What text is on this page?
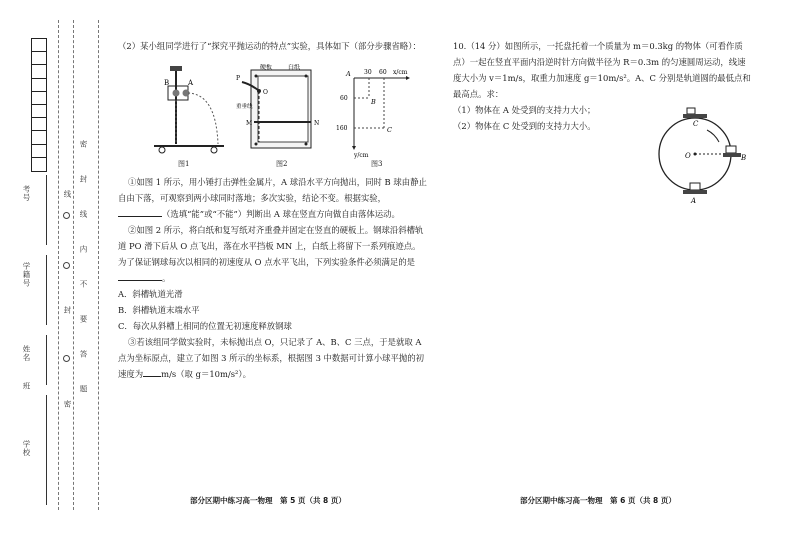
考号
学籍号
姓名
班
学校
密
封
线
内
不
要
答
题
线
封
密

（2）某小组同学进行了“探究平抛运动的特点”实验，具体如下（部分步骤省略）：

A
B
图1
硬板	白纸
P
O
重垂线
M	N
图2
A
B
C
30 60 x/cm
60
160
y/cm
图3

①如图 1 所示，用小锤打击弹性金属片，A 球沿水平方向抛出，同时 B 球由静止自由下落，可观察到两小球同时落地；多次实验，结论不变。根据实验，（选填“能”或“不能”）判断出 A 球在竖直方向做自由落体运动。

②如图 2 所示，将白纸和复写纸对齐重叠并固定在竖直的硬板上。钢球沿斜槽轨道 PO 滑下后从 O 点飞出，落在水平挡板 MN 上，白纸上将留下一系列痕迹点。为了保证钢球每次以相同的初速度从 O 点水平飞出，下列实验条件必须满足的是。

A．斜槽轨道光滑

B．斜槽轨道末端水平

C．每次从斜槽上相同的位置无初速度释放钢球

③若该组同学做实验时，未标抛出点 O，只记录了 A、B、C 三点，于是就取 A 点为坐标原点，建立了如图 3 所示的坐标系，根据图 3 中数据可计算小球平抛的初速度为 m/s（取 g＝10m/s²）。

部分区期中练习高一物理　第 5 页（共 8 页）

10.（14 分）如图所示，一托盘托着一个质量为 m＝0.3kg 的物体（可看作质点）一起在竖直平面内沿逆时针方向做半径为 R＝0.3m 的匀速圆周运动，线速度大小为 v＝1m/s，取重力加速度 g＝10m/s²。A、C 分别是轨道圆的最低点和最高点。求：

（1）物体在 A 处受到的支持力大小；

（2）物体在 C 处受到的支持力大小。	C
B
A
O
部分区期中练习高一物理　第 6 页（共 8 页）
